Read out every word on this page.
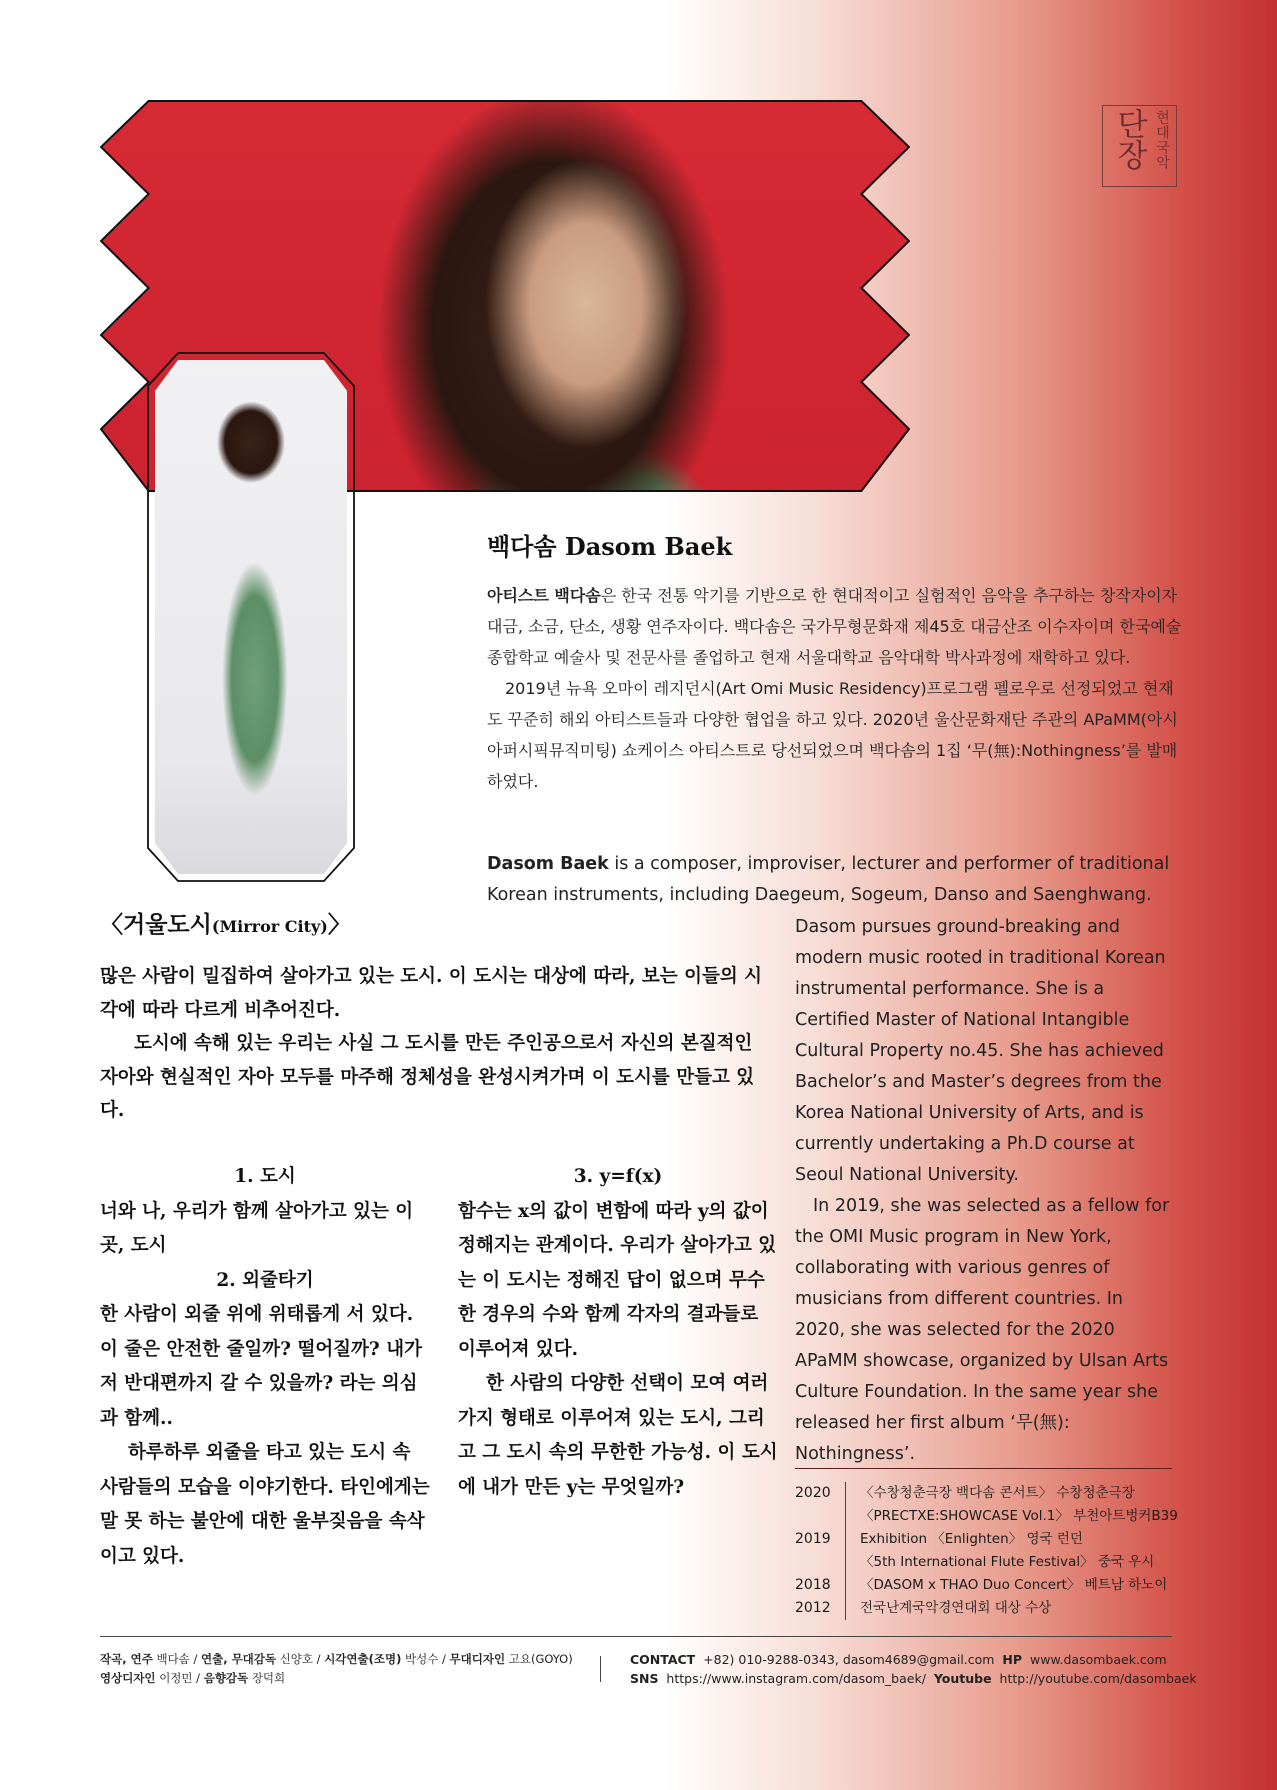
단장 현대국악
백다솜 Dasom Baek

아티스트 백다솜은 한국 전통 악기를 기반으로 한 현대적이고 실험적인 음악을 추구하는 창작자이자 대금, 소금, 단소, 생황 연주자이다. 백다솜은 국가무형문화재 제45호 대금산조 이수자이며 한국예술종합학교 예술사 및 전문사를 졸업하고 현재 서울대학교 음악대학 박사과정에 재학하고 있다.

2019년 뉴욕 오마이 레지던시(Art Omi Music Residency)프로그램 펠로우로 선정되었고 현재도 꾸준히 해외 아티스트들과 다양한 협업을 하고 있다. 2020년 울산문화재단 주관의 APaMM(아시아퍼시픽뮤직미팅) 쇼케이스 아티스트로 당선되었으며 백다솜의 1집 ‘무(無):Nothingness’를 발매하였다.

Dasom Baek is a composer, improviser, lecturer and performer of traditional Korean instruments, including Daegeum, Sogeum, Danso and Saenghwang.
Dasom pursues ground-breaking and modern music rooted in traditional Korean instrumental performance. She is a Certified Master of National Intangible Cultural Property no.45. She has achieved Bachelor’s and Master’s degrees from the Korea National University of Arts, and is currently undertaking a Ph.D course at Seoul National University.
In 2019, she was selected as a fellow for the OMI Music program in New York, collaborating with various genres of musicians from different countries. In 2020, she was selected for the 2020 APaMM showcase, organized by Ulsan Arts Culture Foundation. In the same year she released her first album ‘무(無): Nothingness’.
〈거울도시(Mirror City)〉
많은 사람이 밀집하여 살아가고 있는 도시. 이 도시는 대상에 따라, 보는 이들의 시각에 따라 다르게 비추어진다.
도시에 속해 있는 우리는 사실 그 도시를 만든 주인공으로서 자신의 본질적인 자아와 현실적인 자아 모두를 마주해 정체성을 완성시켜가며 이 도시를 만들고 있다.
1. 도시
너와 나, 우리가 함께 살아가고 있는 이곳, 도시
2. 외줄타기
한 사람이 외줄 위에 위태롭게 서 있다. 이 줄은 안전한 줄일까? 떨어질까? 내가 저 반대편까지 갈 수 있을까? 라는 의심과 함께..
하루하루 외줄을 타고 있는 도시 속 사람들의 모습을 이야기한다. 타인에게는 말 못 하는 불안에 대한 울부짖음을 속삭이고 있다.
3. y=f(x)
함수는 x의 값이 변함에 따라 y의 값이 정해지는 관계이다. 우리가 살아가고 있는 이 도시는 정해진 답이 없으며 무수한 경우의 수와 함께 각자의 결과들로 이루어져 있다.
한 사람의 다양한 선택이 모여 여러 가지 형태로 이루어져 있는 도시, 그리고 그 도시 속의 무한한 가능성. 이 도시에 내가 만든 y는 무엇일까?	2020	〈수창청춘극장 백다솜 콘서트〉 수창청춘극장
〈PRECTXE:SHOWCASE Vol.1〉 부천아트벙커B39
2019	Exhibition 〈Enlighten〉 영국 런던
〈5th International Flute Festival〉 중국 우시
2018	〈DASOM x THAO Duo Concert〉 베트남 하노이
2012	전국난계국악경연대회 대상 수상
작곡, 연주 백다솜 / 연출, 무대감독 신양호 / 시각연출(조명) 박성수 / 무대디자인 고요(GOYO)
영상디자인 이정민 / 음향감독 장덕희
CONTACT +82) 010-9288-0343, dasom4689@gmail.com HP www.dasombaek.com
SNS https://www.instagram.com/dasom_baek/ Youtube http://youtube.com/dasombaek
